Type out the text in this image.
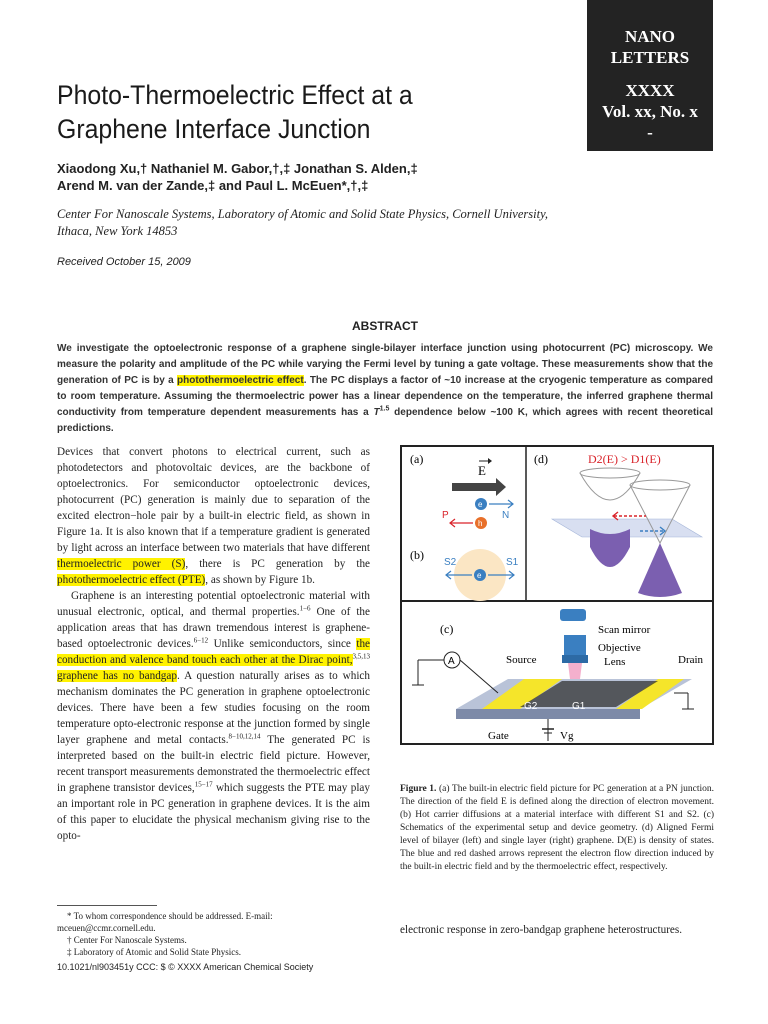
NANO
LETTERS
XXXX
Vol. xx, No. x
-
Photo-Thermoelectric Effect at a
Graphene Interface Junction
Xiaodong Xu,† Nathaniel M. Gabor,†,‡ Jonathan S. Alden,‡
Arend M. van der Zande,‡ and Paul L. McEuen*,†,‡
Center For Nanoscale Systems, Laboratory of Atomic and Solid State Physics, Cornell University, Ithaca, New York 14853
Received October 15, 2009
ABSTRACT
We investigate the optoelectronic response of a graphene single-bilayer interface junction using photocurrent (PC) microscopy. We measure the polarity and amplitude of the PC while varying the Fermi level by tuning a gate voltage. These measurements show that the generation of PC is by a photothermoelectric effect. The PC displays a factor of ~10 increase at the cryogenic temperature as compared to room temperature. Assuming the thermoelectric power has a linear dependence on the temperature, the inferred graphene thermal conductivity from temperature dependent measurements has a $T^{1.5}$ dependence below ~100 K, which agrees with recent theoretical predictions.

Devices that convert photons to electrical current, such as photodetectors and photovoltaic devices, are the backbone of optoelectronics. For semiconductor optoelectronic devices, photocurrent (PC) generation is mainly due to separation of the excited electron−hole pair by a built-in electric field, as shown in Figure 1a. It is also known that if a temperature gradient is generated by light across an interface between two materials that have different thermoelectric power (S), there is PC generation by the photothermoelectric effect (PTE), as shown by Figure 1b.

Graphene is an interesting potential optoelectronic material with unusual electronic, optical, and thermal properties.$^{1-6}$ One of the application areas that has drawn tremendous interest is graphene-based optoelectronic devices.$^{6-12}$ Unlike semiconductors, since the conduction and valence band touch each other at the Dirac point,$^{3,5,13}$ graphene has no bandgap. A question naturally arises as to which mechanism dominates the PC generation in graphene optoelectronic devices. There have been a few studies focusing on the room temperature opto-electronic response at the junction formed by single layer graphene and metal contacts.$^{8-10,12,14}$ The generated PC is interpreted based on the built-in electric field picture. However, recent transport measurements demonstrated the thermoelectric effect in graphene transistor devices,$^{15-17}$ which suggests the PTE may play an important role in PC generation in graphene devices. It is the aim of this paper to elucidate the physical mechanism giving rise to the opto-

* To whom correspondence should be addressed. E-mail: mceuen@ccmr.cornell.edu.
† Center For Nanoscale Systems.
‡ Laboratory of Atomic and Solid State Physics.
10.1021/nl903451y CCC: $ © XXXX American Chemical Society
(a)
E
e
h
P	N
(b)
e
S2	S1
(d)	D2(E) > D1(E)
(c)	Scan mirror
Objective
Lens
Source	Drain
G2	G1
A
Gate	Vg
Figure 1. (a) The built-in electric field picture for PC generation at a PN junction. The direction of the field E is defined along the direction of electron movement. (b) Hot carrier diffusions at a material interface with different S1 and S2. (c) Schematics of the experimental setup and device geometry. (d) Aligned Fermi level of bilayer (left) and single layer (right) graphene. D(E) is density of states. The blue and red dashed arrows represent the electron flow direction induced by the built-in electric field and by the thermoelectric effect, respectively.
electronic response in zero-bandgap graphene heterostructures.
